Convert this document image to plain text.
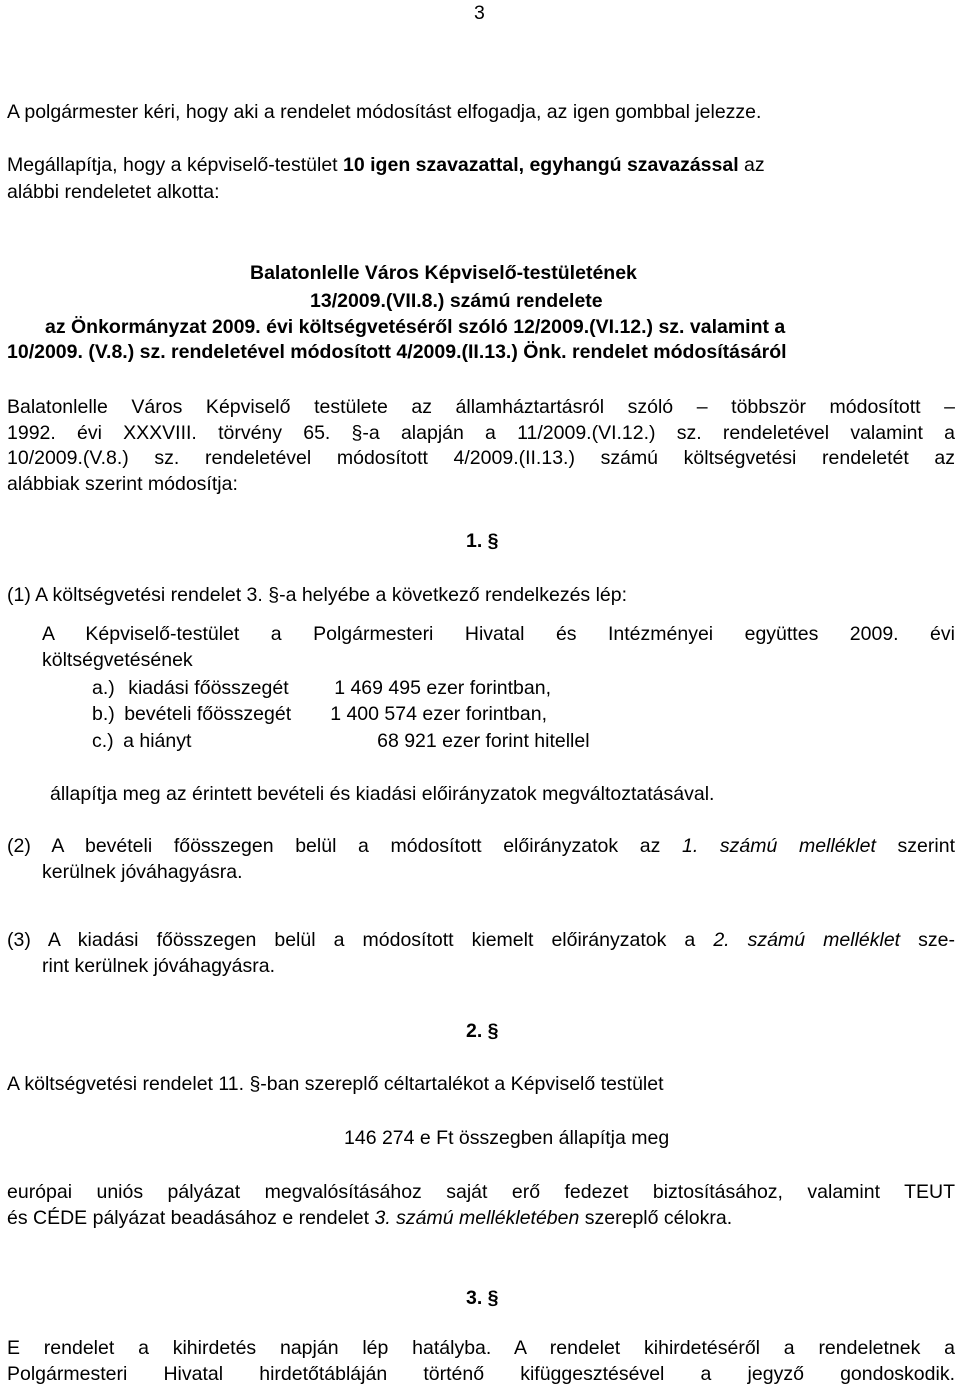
3
A polgármester kéri, hogy aki a rendelet módosítást elfogadja, az igen gombbal jelezze.
Megállapítja, hogy a képviselő-testület 10 igen szavazattal, egyhangú szavazással az
alábbi rendeletet alkotta:
Balatonlelle Város Képviselő-testületének
13/2009.(VII.8.) számú rendelete
az Önkormányzat 2009. évi költségvetéséről szóló 12/2009.(VI.12.) sz. valamint a
10/2009. (V.8.) sz. rendeletével módosított 4/2009.(II.13.) Önk. rendelet módosításáról
Balatonlelle Város Képviselő testülete az államháztartásról szóló – többször módosított –
1992. évi XXXVIII. törvény 65. §-a alapján a 11/2009.(VI.12.) sz. rendeletével valamint a
10/2009.(V.8.) sz. rendeletével módosított 4/2009.(II.13.) számú költségvetési rendeletét az
alábbiak szerint módosítja:
1. §
(1) A költségvetési rendelet 3. §-a helyébe a következő rendelkezés lép:
A Képviselő-testület a Polgármesteri Hivatal és Intézményei együttes 2009. évi
költségvetésének
a.) kiadási főösszegét 1 469 495 ezer forintban,
b.) bevételi főösszegét 1 400 574 ezer forintban,
c.) a hiányt	68 921 ezer forint hitellel
állapítja meg az érintett bevételi és kiadási előirányzatok megváltoztatásával.
(2) A bevételi főösszegen belül a módosított előirányzatok az 1. számú melléklet szerint
kerülnek jóváhagyásra.
(3) A kiadási főösszegen belül a módosított kiemelt előirányzatok a 2. számú melléklet sze-
rint kerülnek jóváhagyásra.
2. §
A költségvetési rendelet 11. §-ban szereplő céltartalékot a Képviselő testület
146 274 e Ft összegben állapítja meg
európai uniós pályázat megvalósításához saját erő fedezet biztosításához, valamint TEUT
és CÉDE pályázat beadásához e rendelet 3. számú mellékletében szereplő célokra.
3. §
E rendelet a kihirdetés napján lép hatályba. A rendelet kihirdetéséről a rendeletnek a
Polgármesteri Hivatal hirdetőtábláján történő kifüggesztésével a jegyző gondoskodik.
